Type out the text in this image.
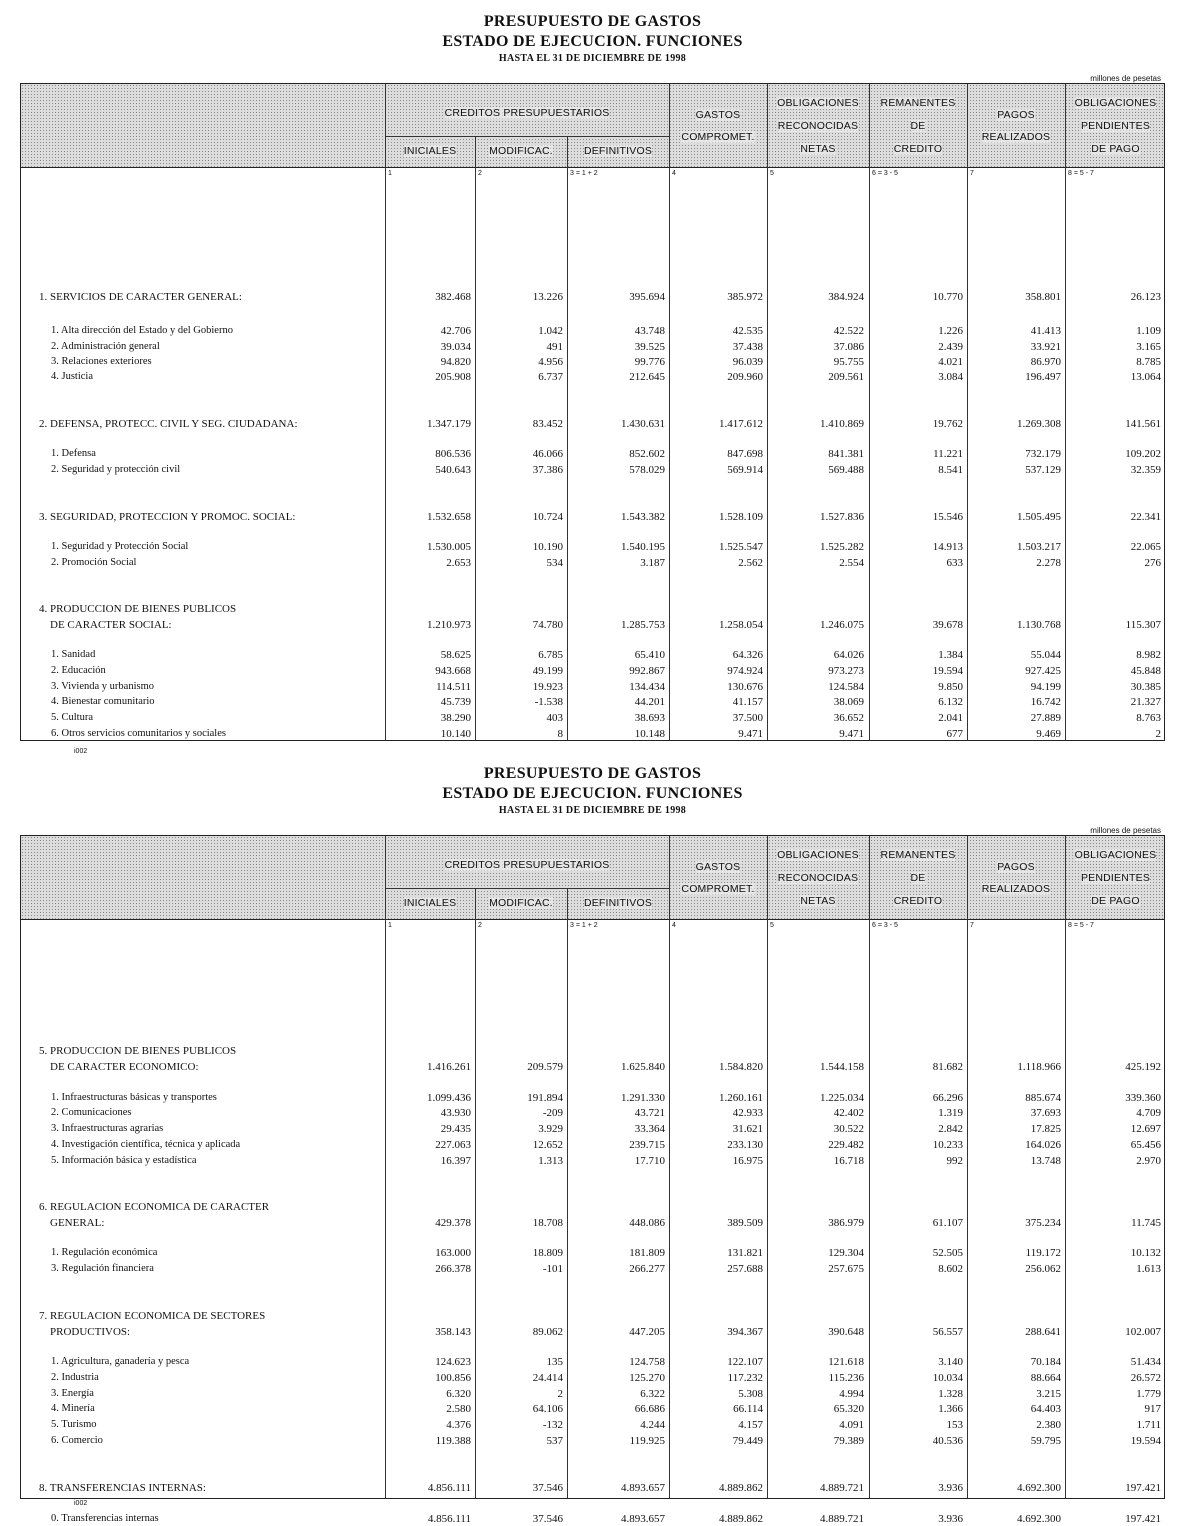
PRESUPUESTO DE GASTOS
ESTADO DE EJECUCION. FUNCIONES
HASTA EL 31 DE DICIEMBRE DE 1998
millones de pesetas
CREDITOS PRESUPUESTARIOS
INICIALES	MODIFICAC.	DEFINITIVOS
GASTOS
COMPROMET.
OBLIGACIONES
RECONOCIDAS
NETAS
REMANENTES
DE
CREDITO
PAGOS
REALIZADOS
OBLIGACIONES
PENDIENTES
DE PAGO
1	2	3 = 1 + 2	4	5	6 = 3 - 5	7	8 = 5 - 7
1. SERVICIOS DE CARACTER GENERAL:	382.468	13.226	395.694	385.972	384.924	10.770	358.801	26.123
1. Alta dirección del Estado y del Gobierno	42.706	1.042	43.748	42.535	42.522	1.226	41.413	1.109
2. Administración general	39.034	491	39.525	37.438	37.086	2.439	33.921	3.165
3. Relaciones exteriores	94.820	4.956	99.776	96.039	95.755	4.021	86.970	8.785
4. Justicia	205.908	6.737	212.645	209.960	209.561	3.084	196.497	13.064
2. DEFENSA, PROTECC. CIVIL Y SEG. CIUDADANA:	1.347.179	83.452	1.430.631	1.417.612	1.410.869	19.762	1.269.308	141.561
1. Defensa	806.536	46.066	852.602	847.698	841.381	11.221	732.179	109.202
2. Seguridad y protección civil	540.643	37.386	578.029	569.914	569.488	8.541	537.129	32.359
3. SEGURIDAD, PROTECCION Y PROMOC. SOCIAL:	1.532.658	10.724	1.543.382	1.528.109	1.527.836	15.546	1.505.495	22.341
1. Seguridad y Protección Social	1.530.005	10.190	1.540.195	1.525.547	1.525.282	14.913	1.503.217	22.065
2. Promoción Social	2.653	534	3.187	2.562	2.554	633	2.278	276
4. PRODUCCION DE BIENES PUBLICOS
DE CARACTER SOCIAL:	1.210.973	74.780	1.285.753	1.258.054	1.246.075	39.678	1.130.768	115.307
1. Sanidad	58.625	6.785	65.410	64.326	64.026	1.384	55.044	8.982
2. Educación	943.668	49.199	992.867	974.924	973.273	19.594	927.425	45.848
3. Vivienda y urbanismo	114.511	19.923	134.434	130.676	124.584	9.850	94.199	30.385
4. Bienestar comunitario	45.739	-1.538	44.201	41.157	38.069	6.132	16.742	21.327
5. Cultura	38.290	403	38.693	37.500	36.652	2.041	27.889	8.763
6. Otros servicios comunitarios y sociales	10.140	8	10.148	9.471	9.471	677	9.469	2
i002
PRESUPUESTO DE GASTOS
ESTADO DE EJECUCION. FUNCIONES
HASTA EL 31 DE DICIEMBRE DE 1998
millones de pesetas
CREDITOS PRESUPUESTARIOS
INICIALES	MODIFICAC.	DEFINITIVOS
GASTOS
COMPROMET.
OBLIGACIONES
RECONOCIDAS
NETAS
REMANENTES
DE
CREDITO
PAGOS
REALIZADOS
OBLIGACIONES
PENDIENTES
DE PAGO
1	2	3 = 1 + 2	4	5	6 = 3 - 5	7	8 = 5 - 7
5. PRODUCCION DE BIENES PUBLICOS
DE CARACTER ECONOMICO:	1.416.261	209.579	1.625.840	1.584.820	1.544.158	81.682	1.118.966	425.192
1. Infraestructuras básicas y transportes	1.099.436	191.894	1.291.330	1.260.161	1.225.034	66.296	885.674	339.360
2. Comunicaciones	43.930	-209	43.721	42.933	42.402	1.319	37.693	4.709
3. Infraestructuras agrarias	29.435	3.929	33.364	31.621	30.522	2.842	17.825	12.697
4. Investigación científica, técnica y aplicada	227.063	12.652	239.715	233.130	229.482	10.233	164.026	65.456
5. Información básica y estadística	16.397	1.313	17.710	16.975	16.718	992	13.748	2.970
6. REGULACION ECONOMICA DE CARACTER
GENERAL:	429.378	18.708	448.086	389.509	386.979	61.107	375.234	11.745
1. Regulación económica	163.000	18.809	181.809	131.821	129.304	52.505	119.172	10.132
3. Regulación financiera	266.378	-101	266.277	257.688	257.675	8.602	256.062	1.613
7. REGULACION ECONOMICA DE SECTORES
PRODUCTIVOS:	358.143	89.062	447.205	394.367	390.648	56.557	288.641	102.007
1. Agricultura, ganadería y pesca	124.623	135	124.758	122.107	121.618	3.140	70.184	51.434
2. Industria	100.856	24.414	125.270	117.232	115.236	10.034	88.664	26.572
3. Energía	6.320	2	6.322	5.308	4.994	1.328	3.215	1.779
4. Minería	2.580	64.106	66.686	66.114	65.320	1.366	64.403	917
5. Turismo	4.376	-132	4.244	4.157	4.091	153	2.380	1.711
6. Comercio	119.388	537	119.925	79.449	79.389	40.536	59.795	19.594
8. TRANSFERENCIAS INTERNAS:	4.856.111	37.546	4.893.657	4.889.862	4.889.721	3.936	4.692.300	197.421
0. Transferencias internas	4.856.111	37.546	4.893.657	4.889.862	4.889.721	3.936	4.692.300	197.421
i002
